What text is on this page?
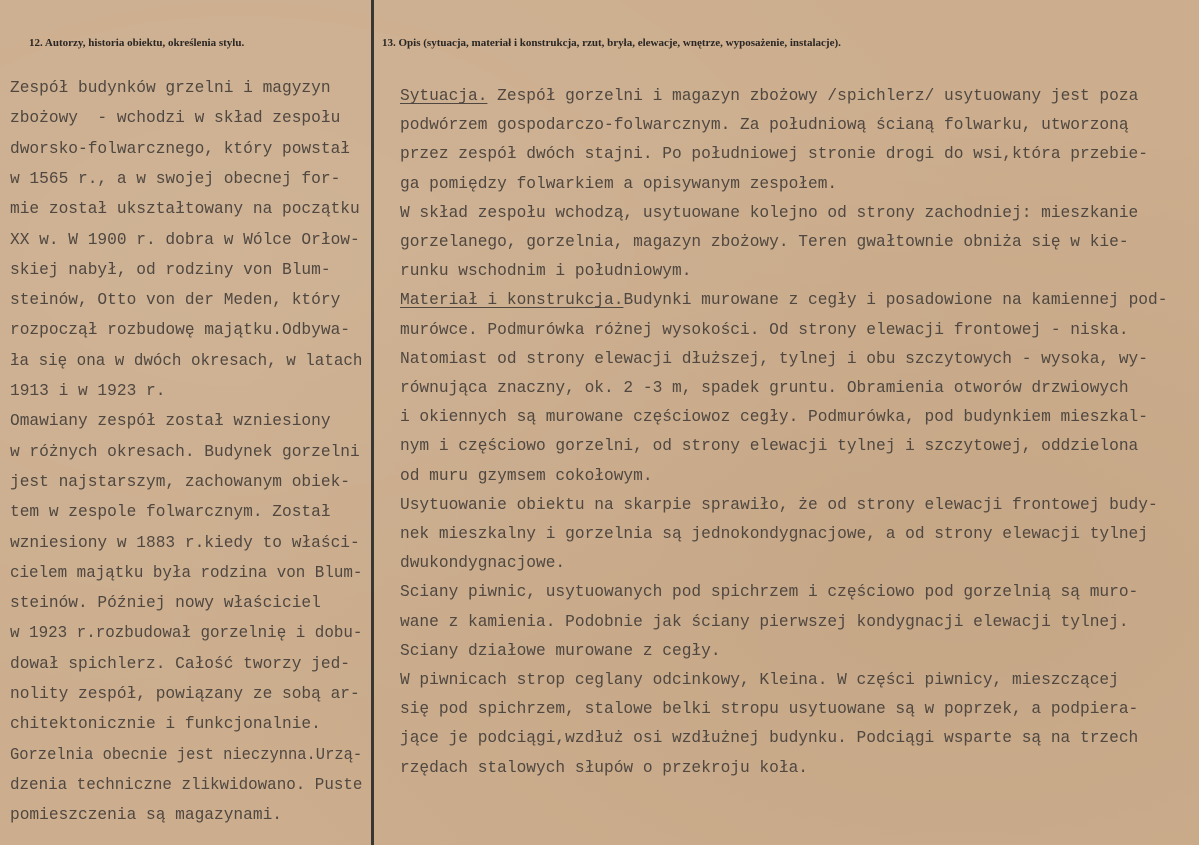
12. Autorzy, historia obiektu, określenia stylu.	13. Opis (sytuacja, materiał i konstrukcja, rzut, bryła, elewacje, wnętrze, wyposażenie, instalacje).
Zespół budynków grzelni i magyzyn
zbożowy  - wchodzi w skład zespołu
dworsko-folwarcznego, który powstał
w 1565 r., a w swojej obecnej for-
mie został ukształtowany na początku
XX w. W 1900 r. dobra w Wólce Orłow-
skiej nabył, od rodziny von Blum-
steinów, Otto von der Meden, który
rozpoczął rozbudowę majątku.Odbywa-
ła się ona w dwóch okresach, w latach
1913 i w 1923 r.
Omawiany zespół został wzniesiony
w różnych okresach. Budynek gorzelni
jest najstarszym, zachowanym obiek-
tem w zespole folwarcznym. Został
wzniesiony w 1883 r.kiedy to właści-
cielem majątku była rodzina von Blum-
steinów. Później nowy właściciel
w 1923 r.rozbudował gorzelnię i dobu-
dował spichlerz. Całość tworzy jed-
nolity zespół, powiązany ze sobą ar-
chitektonicznie i funkcjonalnie.
Gorzelnia obecnie jest nieczynna.Urzą-
dzenia techniczne zlikwidowano. Puste
pomieszczenia są magazynami.
Sytuacja. Zespół gorzelni i magazyn zbożowy /spichlerz/ usytuowany jest poza
podwórzem gospodarczo-folwarcznym. Za południową ścianą folwarku, utworzoną
przez zespół dwóch stajni. Po południowej stronie drogi do wsi,która przebie-
ga pomiędzy folwarkiem a opisywanym zespołem.
W skład zespołu wchodzą, usytuowane kolejno od strony zachodniej: mieszkanie
gorzelanego, gorzelnia, magazyn zbożowy. Teren gwałtownie obniża się w kie-
runku wschodnim i południowym.
Materiał i konstrukcja.Budynki murowane z cegły i posadowione na kamiennej pod-
murówce. Podmurówka różnej wysokości. Od strony elewacji frontowej - niska.
Natomiast od strony elewacji dłuższej, tylnej i obu szczytowych - wysoka, wy-
równująca znaczny, ok. 2 -3 m, spadek gruntu. Obramienia otworów drzwiowych
i okiennych są murowane częściowoz cegły. Podmurówka, pod budynkiem mieszkal-
nym i częściowo gorzelni, od strony elewacji tylnej i szczytowej, oddzielona
od muru gzymsem cokołowym.
Usytuowanie obiektu na skarpie sprawiło, że od strony elewacji frontowej budy-
nek mieszkalny i gorzelnia są jednokondygnacjowe, a od strony elewacji tylnej
dwukondygnacjowe.
Sciany piwnic, usytuowanych pod spichrzem i częściowo pod gorzelnią są muro-
wane z kamienia. Podobnie jak ściany pierwszej kondygnacji elewacji tylnej.
Sciany działowe murowane z cegły.
W piwnicach strop ceglany odcinkowy, Kleina. W części piwnicy, mieszczącej
się pod spichrzem, stalowe belki stropu usytuowane są w poprzek, a podpiera-
jące je podciągi,wzdłuż osi wzdłużnej budynku. Podciągi wsparte są na trzech
rzędach stalowych słupów o przekroju koła.
